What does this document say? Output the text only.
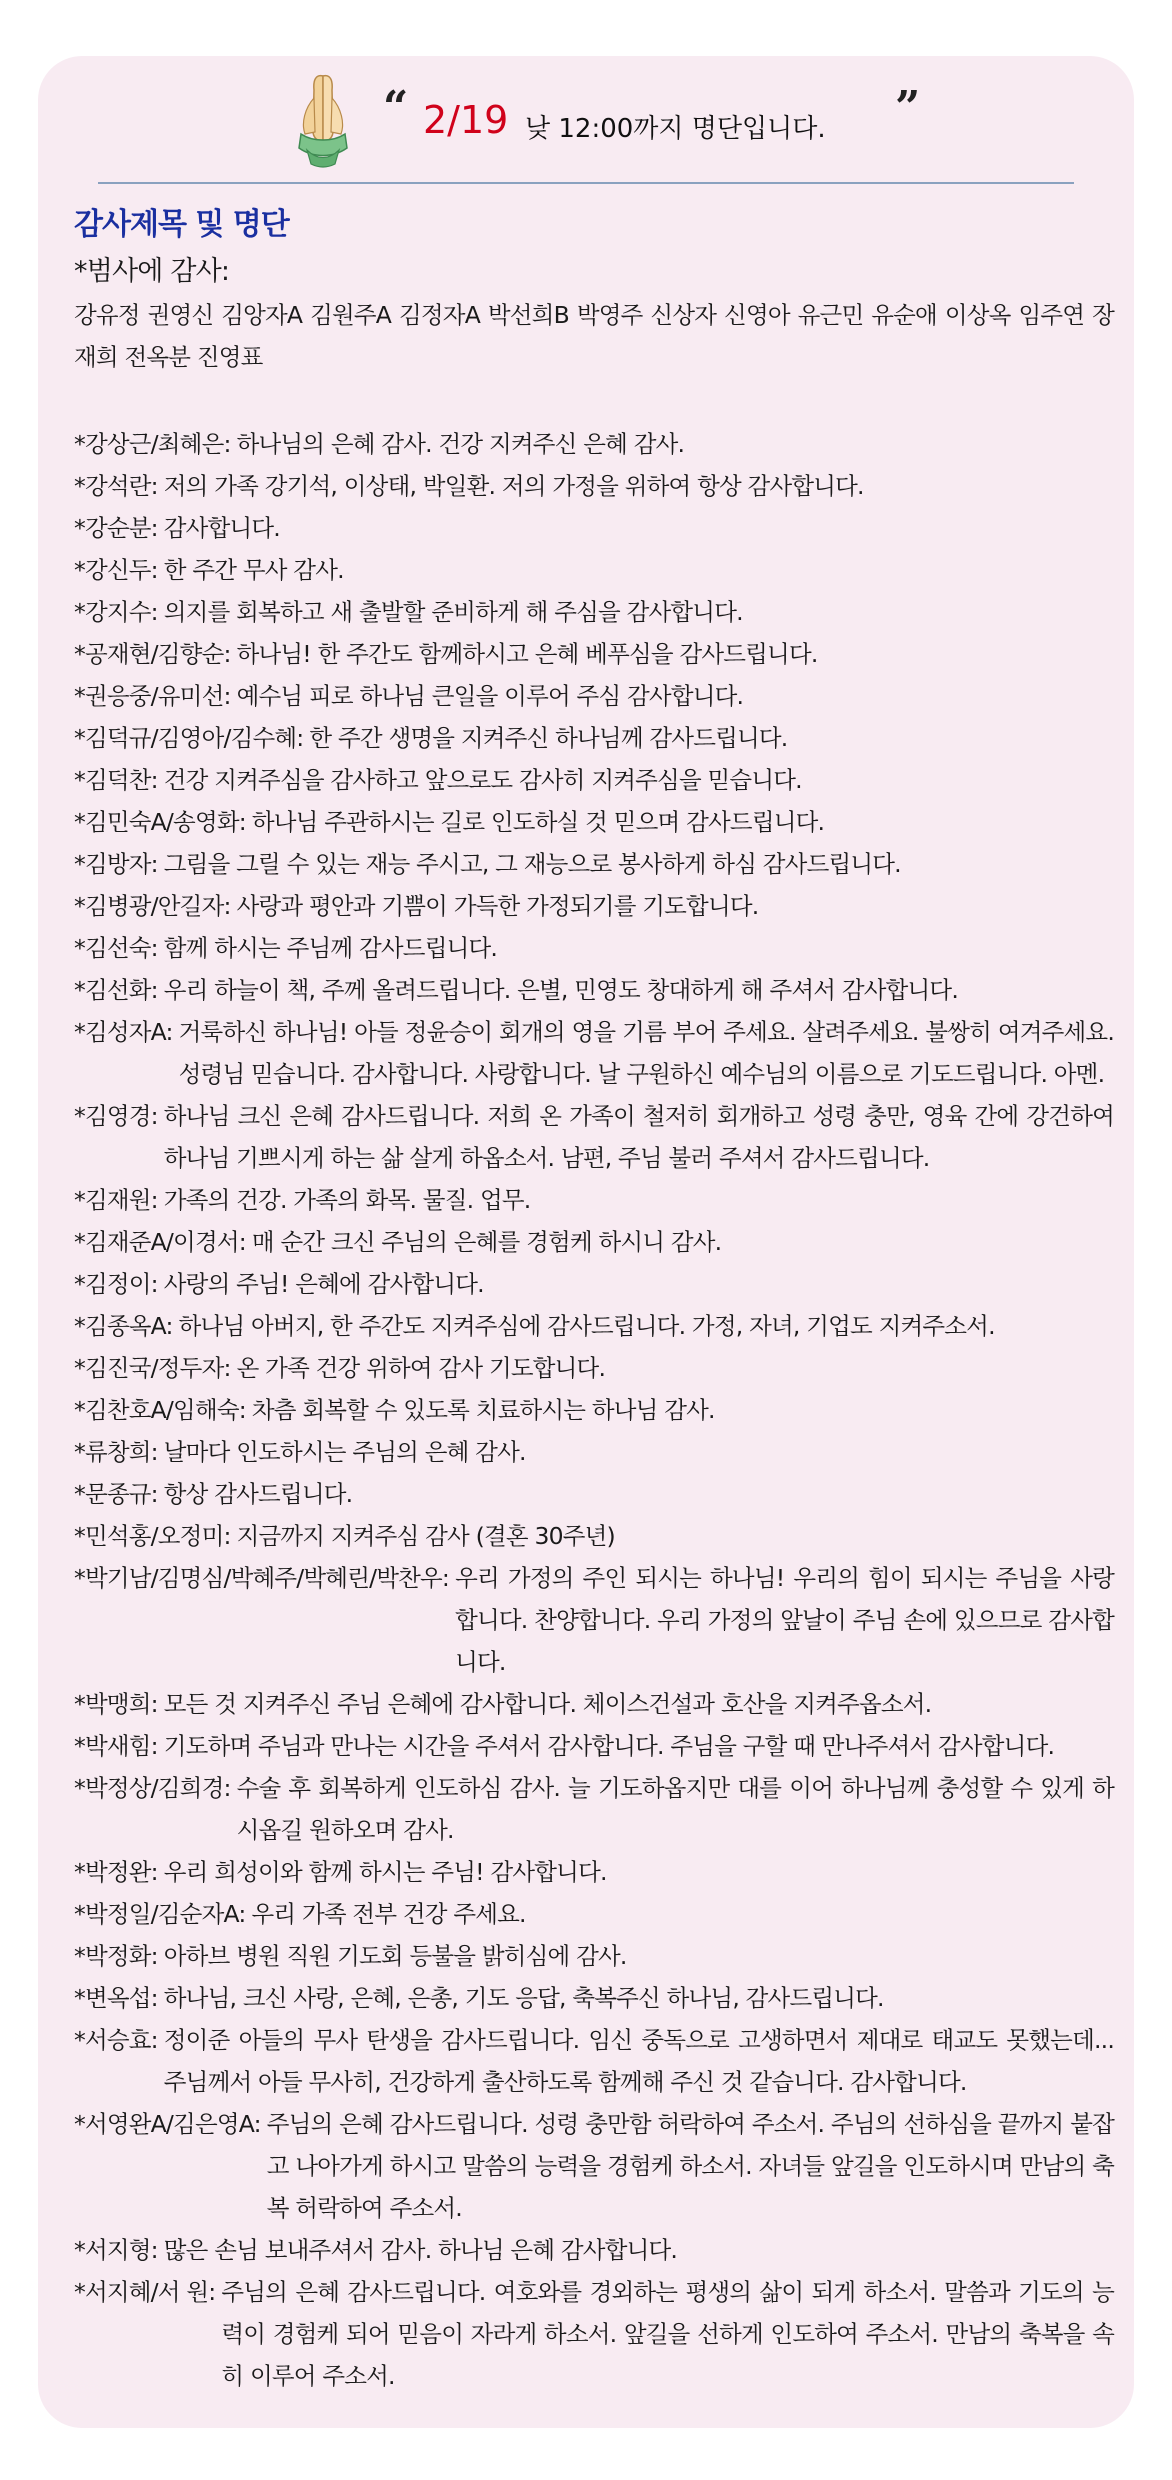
“ 2/19 낮 12:00까지 명단입니다. ”
감사제목 및 명단
*범사에 감사:
강유정 권영신 김앙자A 김원주A 김정자A 박선희B 박영주 신상자 신영아 유근민 유순애 이상옥 임주연 장재희 전옥분 진영표
*강상근/최혜은: 하나님의 은혜 감사. 건강 지켜주신 은혜 감사.
*강석란: 저의 가족 강기석, 이상태, 박일환. 저의 가정을 위하여 항상 감사합니다.
*강순분: 감사합니다.
*강신두: 한 주간 무사 감사.
*강지수: 의지를 회복하고 새 출발할 준비하게 해 주심을 감사합니다.
*공재현/김향순: 하나님! 한 주간도 함께하시고 은혜 베푸심을 감사드립니다.
*권응중/유미선: 예수님 피로 하나님 큰일을 이루어 주심 감사합니다.
*김덕규/김영아/김수혜: 한 주간 생명을 지켜주신 하나님께 감사드립니다.
*김덕찬: 건강 지켜주심을 감사하고 앞으로도 감사히 지켜주심을 믿습니다.
*김민숙A/송영화: 하나님 주관하시는 길로 인도하실 것 믿으며 감사드립니다.
*김방자: 그림을 그릴 수 있는 재능 주시고, 그 재능으로 봉사하게 하심 감사드립니다.
*김병광/안길자: 사랑과 평안과 기쁨이 가득한 가정되기를 기도합니다.
*김선숙: 함께 하시는 주님께 감사드립니다.
*김선화: 우리 하늘이 책, 주께 올려드립니다. 은별, 민영도 창대하게 해 주셔서 감사합니다.
*김성자A: 거룩하신 하나님! 아들 정윤승이 회개의 영을 기름 부어 주세요. 살려주세요. 불쌍히 여겨주세요. 성령님 믿습니다. 감사합니다. 사랑합니다. 날 구원하신 예수님의 이름으로 기도드립니다. 아멘.
*김영경: 하나님 크신 은혜 감사드립니다. 저희 온 가족이 철저히 회개하고 성령 충만, 영육 간에 강건하여 하나님 기쁘시게 하는 삶 살게 하옵소서. 남편, 주님 불러 주셔서 감사드립니다.
*김재원: 가족의 건강. 가족의 화목. 물질. 업무.
*김재준A/이경서: 매 순간 크신 주님의 은혜를 경험케 하시니 감사.
*김정이: 사랑의 주님! 은혜에 감사합니다.
*김종옥A: 하나님 아버지, 한 주간도 지켜주심에 감사드립니다. 가정, 자녀, 기업도 지켜주소서.
*김진국/정두자: 온 가족 건강 위하여 감사 기도합니다.
*김찬호A/임해숙: 차츰 회복할 수 있도록 치료하시는 하나님 감사.
*류창희: 날마다 인도하시는 주님의 은혜 감사.
*문종규: 항상 감사드립니다.
*민석홍/오정미: 지금까지 지켜주심 감사 (결혼 30주년)
*박기남/김명심/박혜주/박혜린/박찬우: 우리 가정의 주인 되시는 하나님! 우리의 힘이 되시는 주님을 사랑합니다. 찬양합니다. 우리 가정의 앞날이 주님 손에 있으므로 감사합니다.
*박맹희: 모든 것 지켜주신 주님 은혜에 감사합니다. 체이스건설과 호산을 지켜주옵소서.
*박새힘: 기도하며 주님과 만나는 시간을 주셔서 감사합니다. 주님을 구할 때 만나주셔서 감사합니다.
*박정상/김희경: 수술 후 회복하게 인도하심 감사. 늘 기도하옵지만 대를 이어 하나님께 충성할 수 있게 하시옵길 원하오며 감사.
*박정완: 우리 희성이와 함께 하시는 주님! 감사합니다.
*박정일/김순자A: 우리 가족 전부 건강 주세요.
*박정화: 아하브 병원 직원 기도회 등불을 밝히심에 감사.
*변옥섭: 하나님, 크신 사랑, 은혜, 은총, 기도 응답, 축복주신 하나님, 감사드립니다.
*서승효: 정이준 아들의 무사 탄생을 감사드립니다. 임신 중독으로 고생하면서 제대로 태교도 못했는데... 주님께서 아들 무사히, 건강하게 출산하도록 함께해 주신 것 같습니다. 감사합니다.
*서영완A/김은영A: 주님의 은혜 감사드립니다. 성령 충만함 허락하여 주소서. 주님의 선하심을 끝까지 붙잡고 나아가게 하시고 말씀의 능력을 경험케 하소서. 자녀들 앞길을 인도하시며 만남의 축복 허락하여 주소서.
*서지형: 많은 손님 보내주셔서 감사. 하나님 은혜 감사합니다.
*서지혜/서 원: 주님의 은혜 감사드립니다. 여호와를 경외하는 평생의 삶이 되게 하소서. 말씀과 기도의 능력이 경험케 되어 믿음이 자라게 하소서. 앞길을 선하게 인도하여 주소서. 만남의 축복을 속히 이루어 주소서.
